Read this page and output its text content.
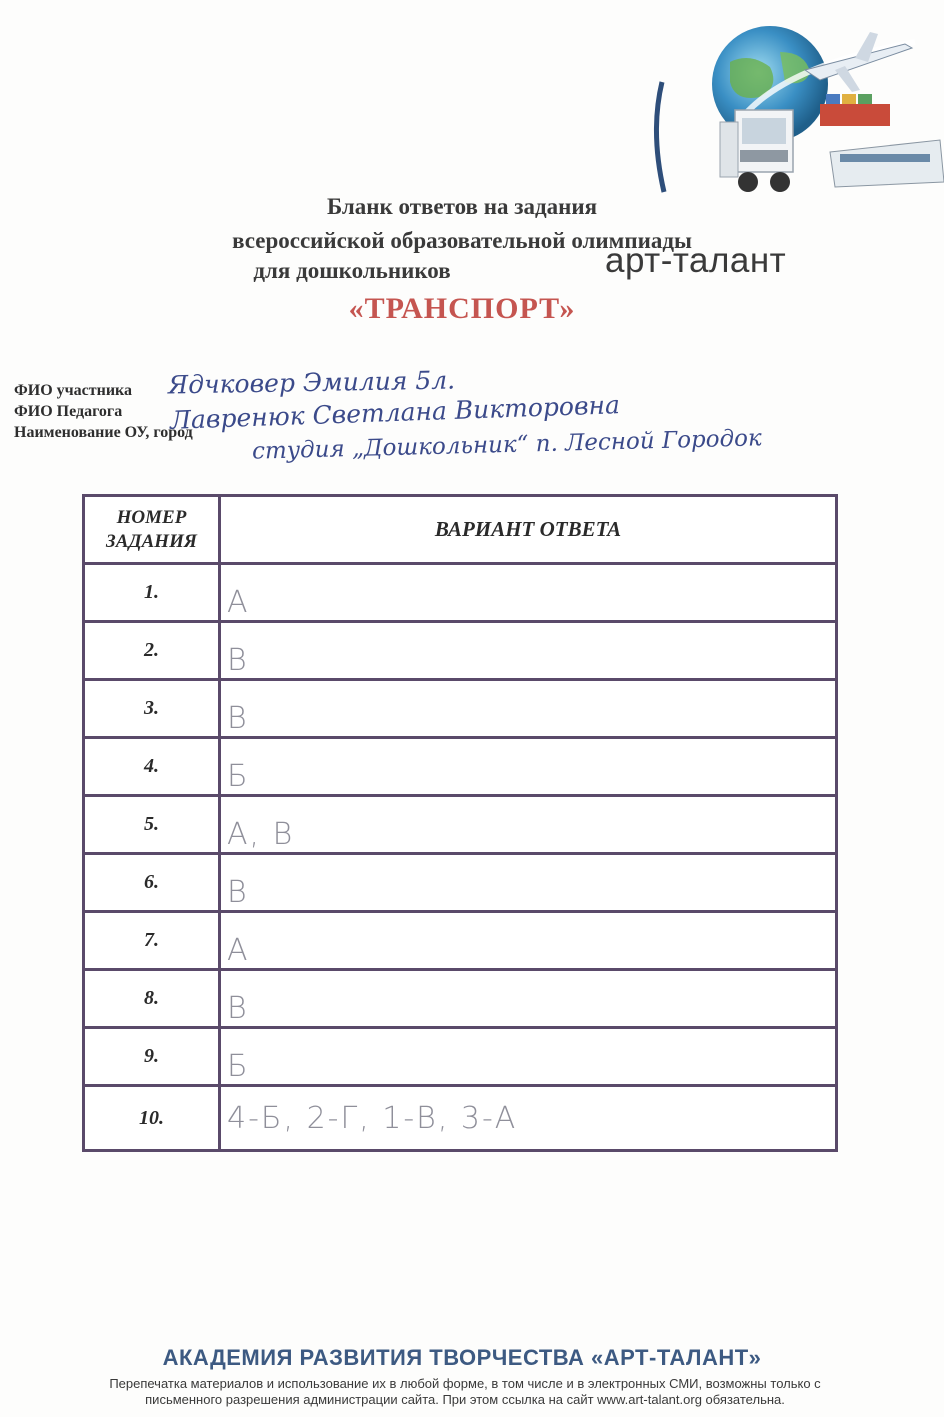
арт-талант
Бланк ответов на задания
всероссийской образовательной олимпиады
для дошкольников
«ТРАНСПОРТ»
ФИО участника Ядчковер Эмилия 5л.
ФИО Педагога Лавренюк Светлана Викторовна
Наименование ОУ, город	студия „Дошкольник“ п. Лесной Городок
НОМЕР
ЗАДАНИЯ	ВАРИАНТ ОТВЕТА
1.	А
2.	В
3.	В
4.	Б
5.	А, В
6.	В
7.	А
8.	В
9.	Б
10.	4-Б, 2-Г, 1-В, 3-А
АКАДЕМИЯ РАЗВИТИЯ ТВОРЧЕСТВА «АРТ-ТАЛАНТ»
Перепечатка материалов и использование их в любой форме, в том числе и в электронных СМИ, возможны только с
письменного разрешения администрации сайта. При этом ссылка на сайт www.art-talant.org обязательна.
